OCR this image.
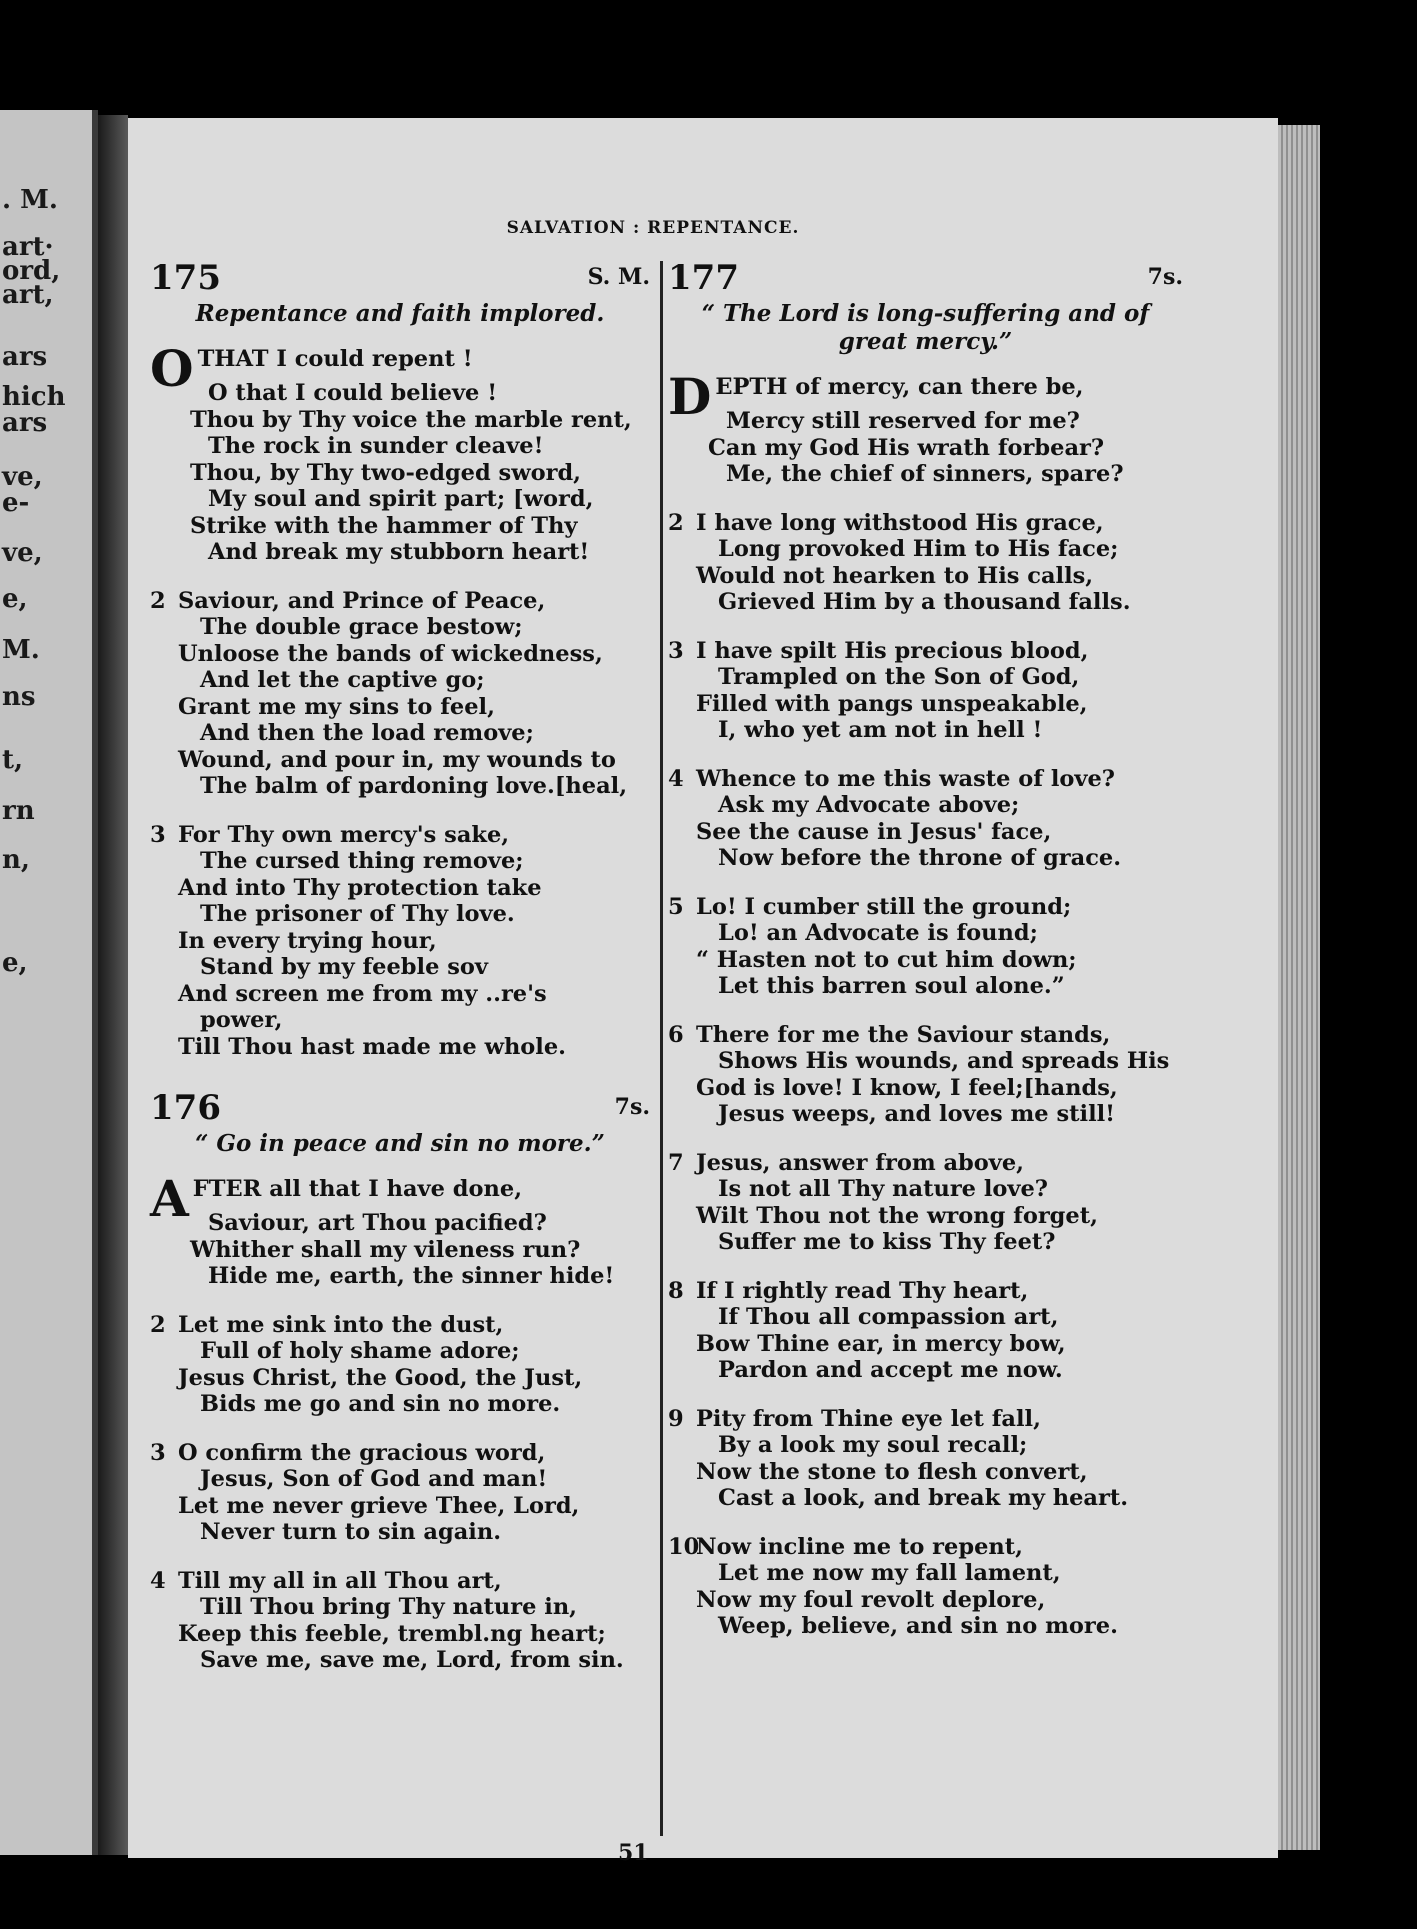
. M.
art·
ord,
art,
ars
hich
ars
ve,
e-
ve,
e,
M.
ns
t,
rn
n,
e,
SALVATION : REPENTANCE.
175	S. M.
Repentance and faith implored.
OTHAT I could repent !
O that I could believe !
Thou by Thy voice the marble rent,
The rock in sunder cleave!
Thou, by Thy two-edged sword,
My soul and spirit part; [word,
Strike with the hammer of Thy
And break my stubborn heart!
2 Saviour, and Prince of Peace,
The double grace bestow;
Unloose the bands of wickedness,
And let the captive go;
Grant me my sins to feel,
And then the load remove;
Wound, and pour in, my wounds to
The balm of pardoning love.[heal,
3 For Thy own mercy's sake,
The cursed thing remove;
And into Thy protection take
The prisoner of Thy love.
In every trying hour,
Stand by my feeble sov
And screen me from my ..re's
power,
Till Thou hast made me whole.
176	7s.
“ Go in peace and sin no more.”
AFTER all that I have done,
Saviour, art Thou pacified?
Whither shall my vileness run?
Hide me, earth, the sinner hide!
2 Let me sink into the dust,
Full of holy shame adore;
Jesus Christ, the Good, the Just,
Bids me go and sin no more.
3 O confirm the gracious word,
Jesus, Son of God and man!
Let me never grieve Thee, Lord,
Never turn to sin again.
4 Till my all in all Thou art,
Till Thou bring Thy nature in,
Keep this feeble, trembl.ng heart;
Save me, save me, Lord, from sin.
177	7s.
“ The Lord is long-suffering and of great mercy.”
DEPTH of mercy, can there be,
Mercy still reserved for me?
Can my God His wrath forbear?
Me, the chief of sinners, spare?
2 I have long withstood His grace,
Long provoked Him to His face;
Would not hearken to His calls,
Grieved Him by a thousand falls.
3 I have spilt His precious blood,
Trampled on the Son of God,
Filled with pangs unspeakable,
I, who yet am not in hell !
4 Whence to me this waste of love?
Ask my Advocate above;
See the cause in Jesus' face,
Now before the throne of grace.
5 Lo! I cumber still the ground;
Lo! an Advocate is found;
“ Hasten not to cut him down;
Let this barren soul alone.”
6 There for me the Saviour stands,
Shows His wounds, and spreads His
God is love! I know, I feel;[hands,
Jesus weeps, and loves me still!
7 Jesus, answer from above,
Is not all Thy nature love?
Wilt Thou not the wrong forget,
Suffer me to kiss Thy feet?
8 If I rightly read Thy heart,
If Thou all compassion art,
Bow Thine ear, in mercy bow,
Pardon and accept me now.
9 Pity from Thine eye let fall,
By a look my soul recall;
Now the stone to flesh convert,
Cast a look, and break my heart.
10
Now incline me to repent,
Let me now my fall lament,
Now my foul revolt deplore,
Weep, believe, and sin no more.
51
